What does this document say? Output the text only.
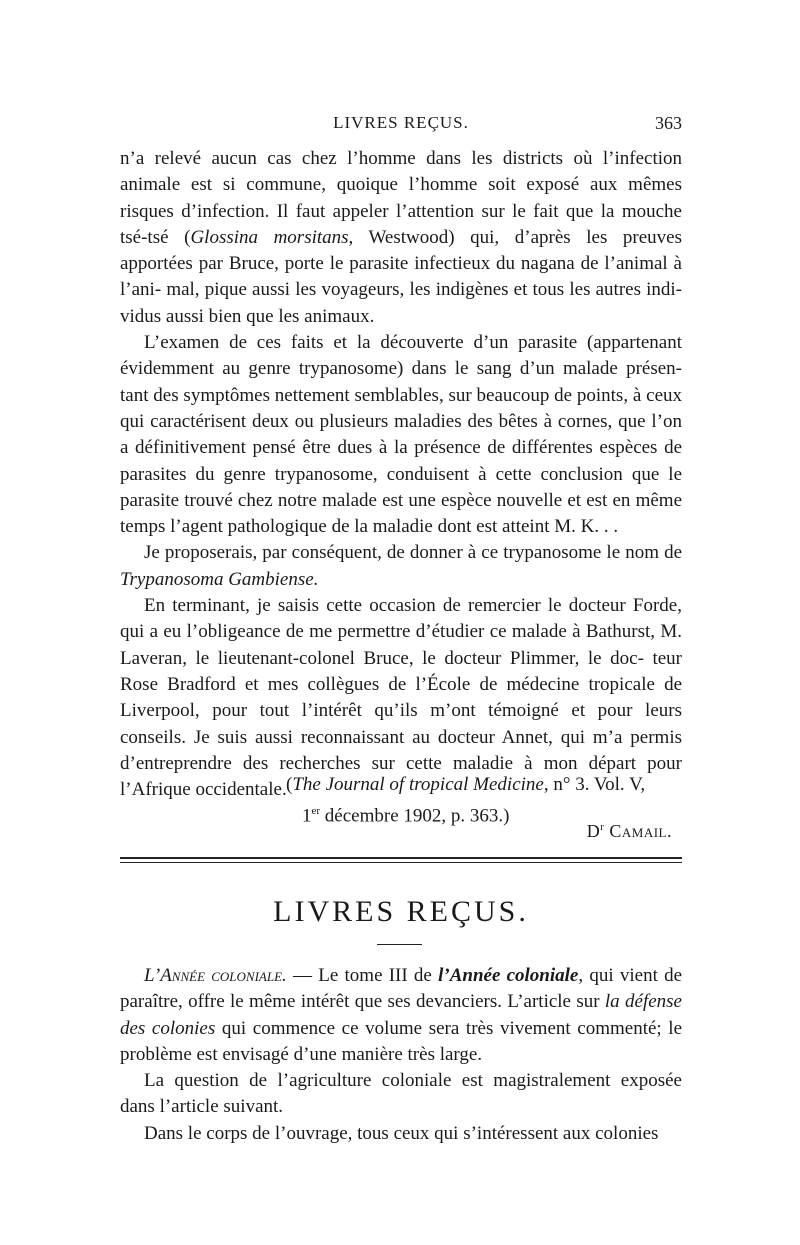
LIVRES REÇUS.	363

n’a relevé aucun cas chez l’homme dans les districts où l’infection animale est si commune, quoique l’homme soit exposé aux mêmes risques d’infection. Il faut appeler l’attention sur le fait que la mouche tsé-tsé (Glossina morsitans, Westwood) qui, d’après les preuves apportées par Bruce, porte le parasite infectieux du nagana de l’animal à l’ani- mal, pique aussi les voyageurs, les indigènes et tous les autres indi- vidus aussi bien que les animaux.

L’examen de ces faits et la découverte d’un parasite (appartenant évidemment au genre trypanosome) dans le sang d’un malade présen- tant des symptômes nettement semblables, sur beaucoup de points, à ceux qui caractérisent deux ou plusieurs maladies des bêtes à cornes, que l’on a définitivement pensé être dues à la présence de différentes espèces de parasites du genre trypanosome, conduisent à cette conclusion que le parasite trouvé chez notre malade est une espèce nouvelle et est en même temps l’agent pathologique de la maladie dont est atteint M. K. . .

Je proposerais, par conséquent, de donner à ce trypanosome le nom de Trypanosoma Gambiense.

En terminant, je saisis cette occasion de remercier le docteur Forde, qui a eu l’obligeance de me permettre d’étudier ce malade à Bathurst, M. Laveran, le lieutenant-colonel Bruce, le docteur Plimmer, le doc- teur Rose Bradford et mes collègues de l’École de médecine tropicale de Liverpool, pour tout l’intérêt qu’ils m’ont témoigné et pour leurs conseils. Je suis aussi reconnaissant au docteur Annet, qui m’a permis d’entreprendre des recherches sur cette maladie à mon départ pour l’Afrique occidentale. (The Journal of tropical Medicine, n° 3. Vol. V,
1er décembre 1902, p. 363.)
$D^r$ Camail.
LIVRES REÇUS.

L’Année coloniale. — Le tome III de l’Année coloniale, qui vient de paraître, offre le même intérêt que ses devanciers. L’article sur la défense des colonies qui commence ce volume sera très vivement commenté; le problème est envisagé d’une manière très large.

La question de l’agriculture coloniale est magistralement exposée dans l’article suivant.

Dans le corps de l’ouvrage, tous ceux qui s’intéressent aux colonies
